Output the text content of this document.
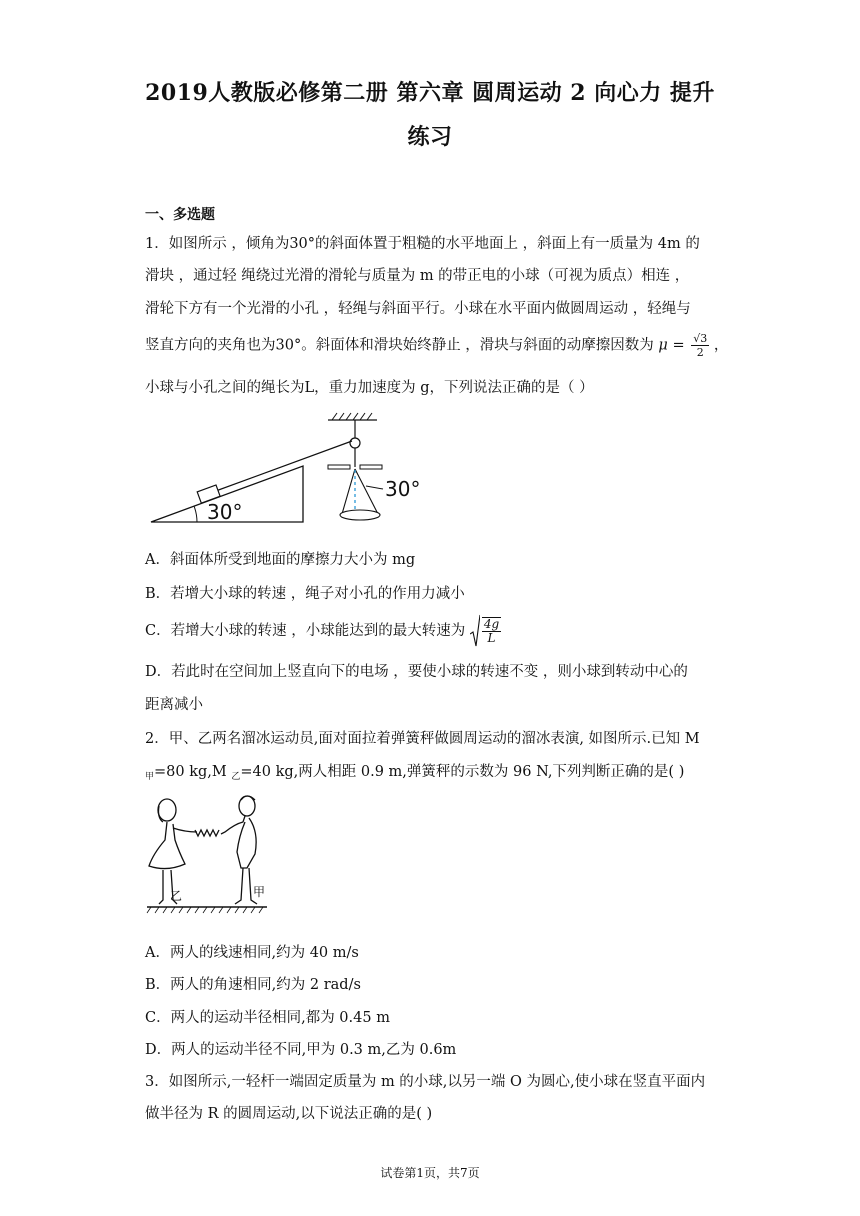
2019人教版必修第二册 第六章 圆周运动 2 向心力 提升
练习
一、多选题
1．如图所示 ，倾角为30°的斜面体置于粗糙的水平地面上 ，斜面上有一质量为 4m 的
滑块 ，通过轻 绳绕过光滑的滑轮与质量为 m 的带正电的小球（可视为质点）相连 ，
滑轮下方有一个光滑的小孔 ，轻绳与斜面平行。小球在水平面内做圆周运动 ，轻绳与
竖直方向的夹角也为30°。斜面体和滑块始终静止 ，滑块与斜面的动摩擦因数为 $\mu = \frac{√3}{2}$ ，
小球与小孔之间的绳长为L，重力加速度为 g，下列说法正确的是（ ）
30°
30°
A．斜面体所受到地面的摩擦力大小为 mg
B．若增大小球的转速 ，绳子对小孔的作用力减小
C．若增大小球的转速 ，小球能达到的最大转速为 $\frac{4g}{L}$
D．若此时在空间加上竖直向下的电场 ，要使小球的转速不变 ，则小球到转动中心的
距离减小
2．甲、乙两名溜冰运动员,面对面拉着弹簧秤做圆周运动的溜冰表演, 如图所示.已知 M
$_甲$=80 kg,M $_乙$=40 kg,两人相距 0.9 m,弹簧秤的示数为 96 N,下列判断正确的是( )
乙	甲
A．两人的线速相同,约为 40 m/s
B．两人的角速相同,约为 2 rad/s
C．两人的运动半径相同,都为 0.45 m
D．两人的运动半径不同,甲为 0.3 m,乙为 0.6m
3．如图所示,一轻杆一端固定质量为 m 的小球,以另一端 O 为圆心,使小球在竖直平面内
做半径为 R 的圆周运动,以下说法正确的是( )
试卷第1页，共7页
